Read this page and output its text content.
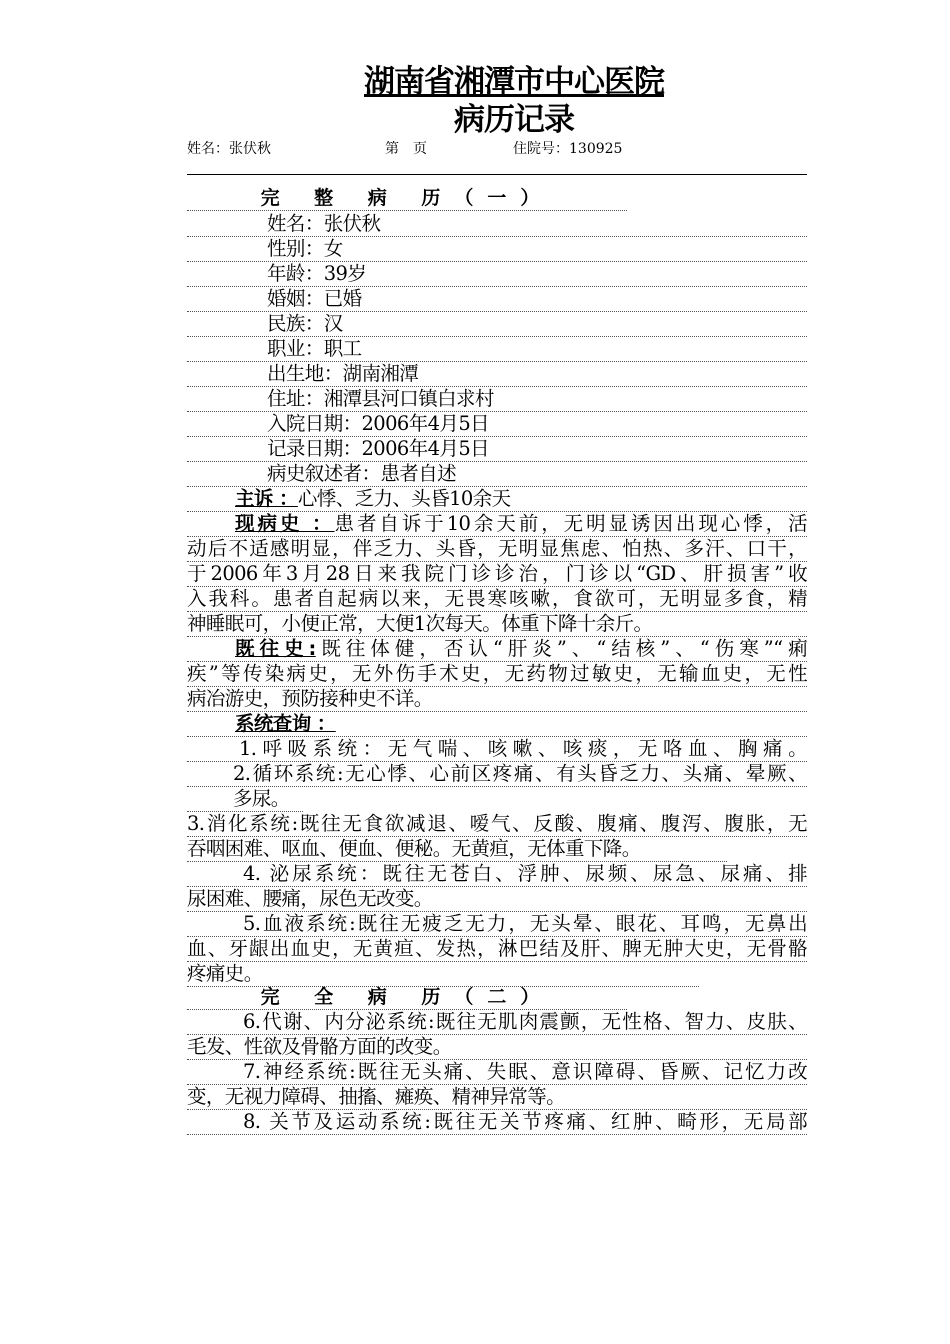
湖南省湘潭市中心医院
病历记录
姓名：张伏秋	第　页	住院号：130925
完 整 病 历（一）
姓名：张伏秋
性别：女
年龄：39岁
婚姻：已婚
民族：汉
职业：职工
出生地：湖南湘潭
住址：湘潭县河口镇白求村
入院日期：2006年4月5日
记录日期：2006年4月5日
病史叙述者：患者自述
主诉 ：心悸、乏力、头昏10余天
现病史 ：患者自诉于10余天前，无明显诱因出现心悸，活
动后不适感明显，伴乏力、头昏，无明显焦虑、怕热、多汗、口干，
于2006年3月28日来我院门诊诊治，门诊以“GD、肝损害”收
入我科。患者自起病以来，无畏寒咳嗽，食欲可，无明显多食，精
神睡眠可，小便正常，大便1次每天。体重下降十余斤。
既往史:既往体健，否认“肝炎”、“结核”、“伤寒”“痢
疾”等传染病史，无外伤手术史，无药物过敏史，无输血史，无性
病冶游史，预防接种史不详。
系统查询 ：
1.呼吸系统：无气喘、咳嗽、咳痰，无咯血、胸痛。
2.循环系统:无心悸、心前区疼痛、有头昏乏力、头痛、晕厥、
多尿。
3.消化系统:既往无食欲减退、嗳气、反酸、腹痛、腹泻、腹胀，无
吞咽困难、呕血、便血、便秘。无黄疸，无体重下降。
4. 泌尿系统：既往无苍白、浮肿、尿频、尿急、尿痛、排
尿困难、腰痛，尿色无改变。
5.血液系统:既往无疲乏无力，无头晕、眼花、耳鸣，无鼻出
血、牙龈出血史，无黄疸、发热，淋巴结及肝、脾无肿大史，无骨骼
疼痛史。
完 全 病 历（二）
6.代谢、内分泌系统:既往无肌肉震颤，无性格、智力、皮肤、
毛发、性欲及骨骼方面的改变。
7.神经系统:既往无头痛、失眠、意识障碍、昏厥、记忆力改
变，无视力障碍、抽搐、瘫痪、精神异常等。
8. 关节及运动系统:既往无关节疼痛、红肿、畸形，无局部
